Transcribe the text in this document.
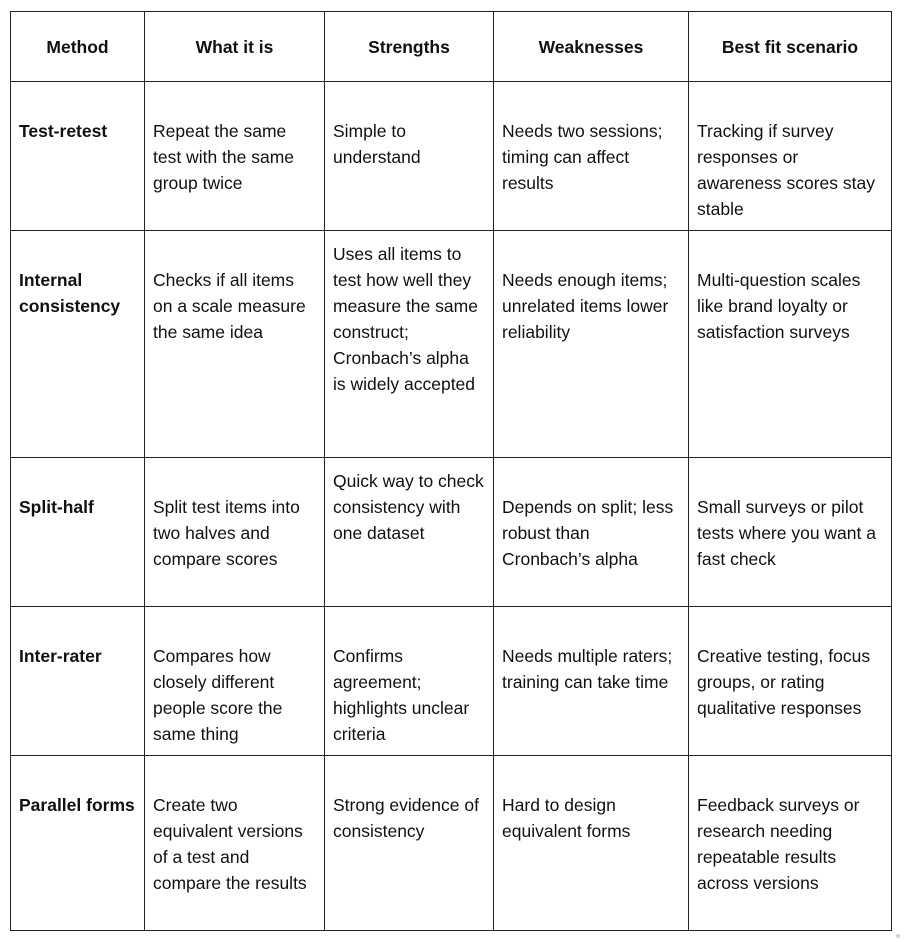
Method	What it is	Strengths	Weaknesses	Best fit scenario
Test-retest	Repeat the same test with the same group twice	Simple to understand	Needs two sessions; timing can affect results	Tracking if survey responses or awareness scores stay stable
Internal consistency	Checks if all items on a scale measure the same idea	Uses all items to test how well they measure the same construct; Cronbach’s alpha is widely accepted	Needs enough items; unrelated items lower reliability	Multi-question scales like brand loyalty or satisfaction surveys
Split-half	Split test items into two halves and compare scores	Quick way to check consistency with one dataset	Depends on split; less robust than Cronbach’s alpha	Small surveys or pilot tests where you want a fast check
Inter-rater	Compares how closely different people score the same thing	Confirms agreement; highlights unclear criteria	Needs multiple raters; training can take time	Creative testing, focus groups, or rating qualitative responses
Parallel forms	Create two equivalent versions of a test and compare the results	Strong evidence of consistency	Hard to design equivalent forms	Feedback surveys or research needing repeatable results across versions
